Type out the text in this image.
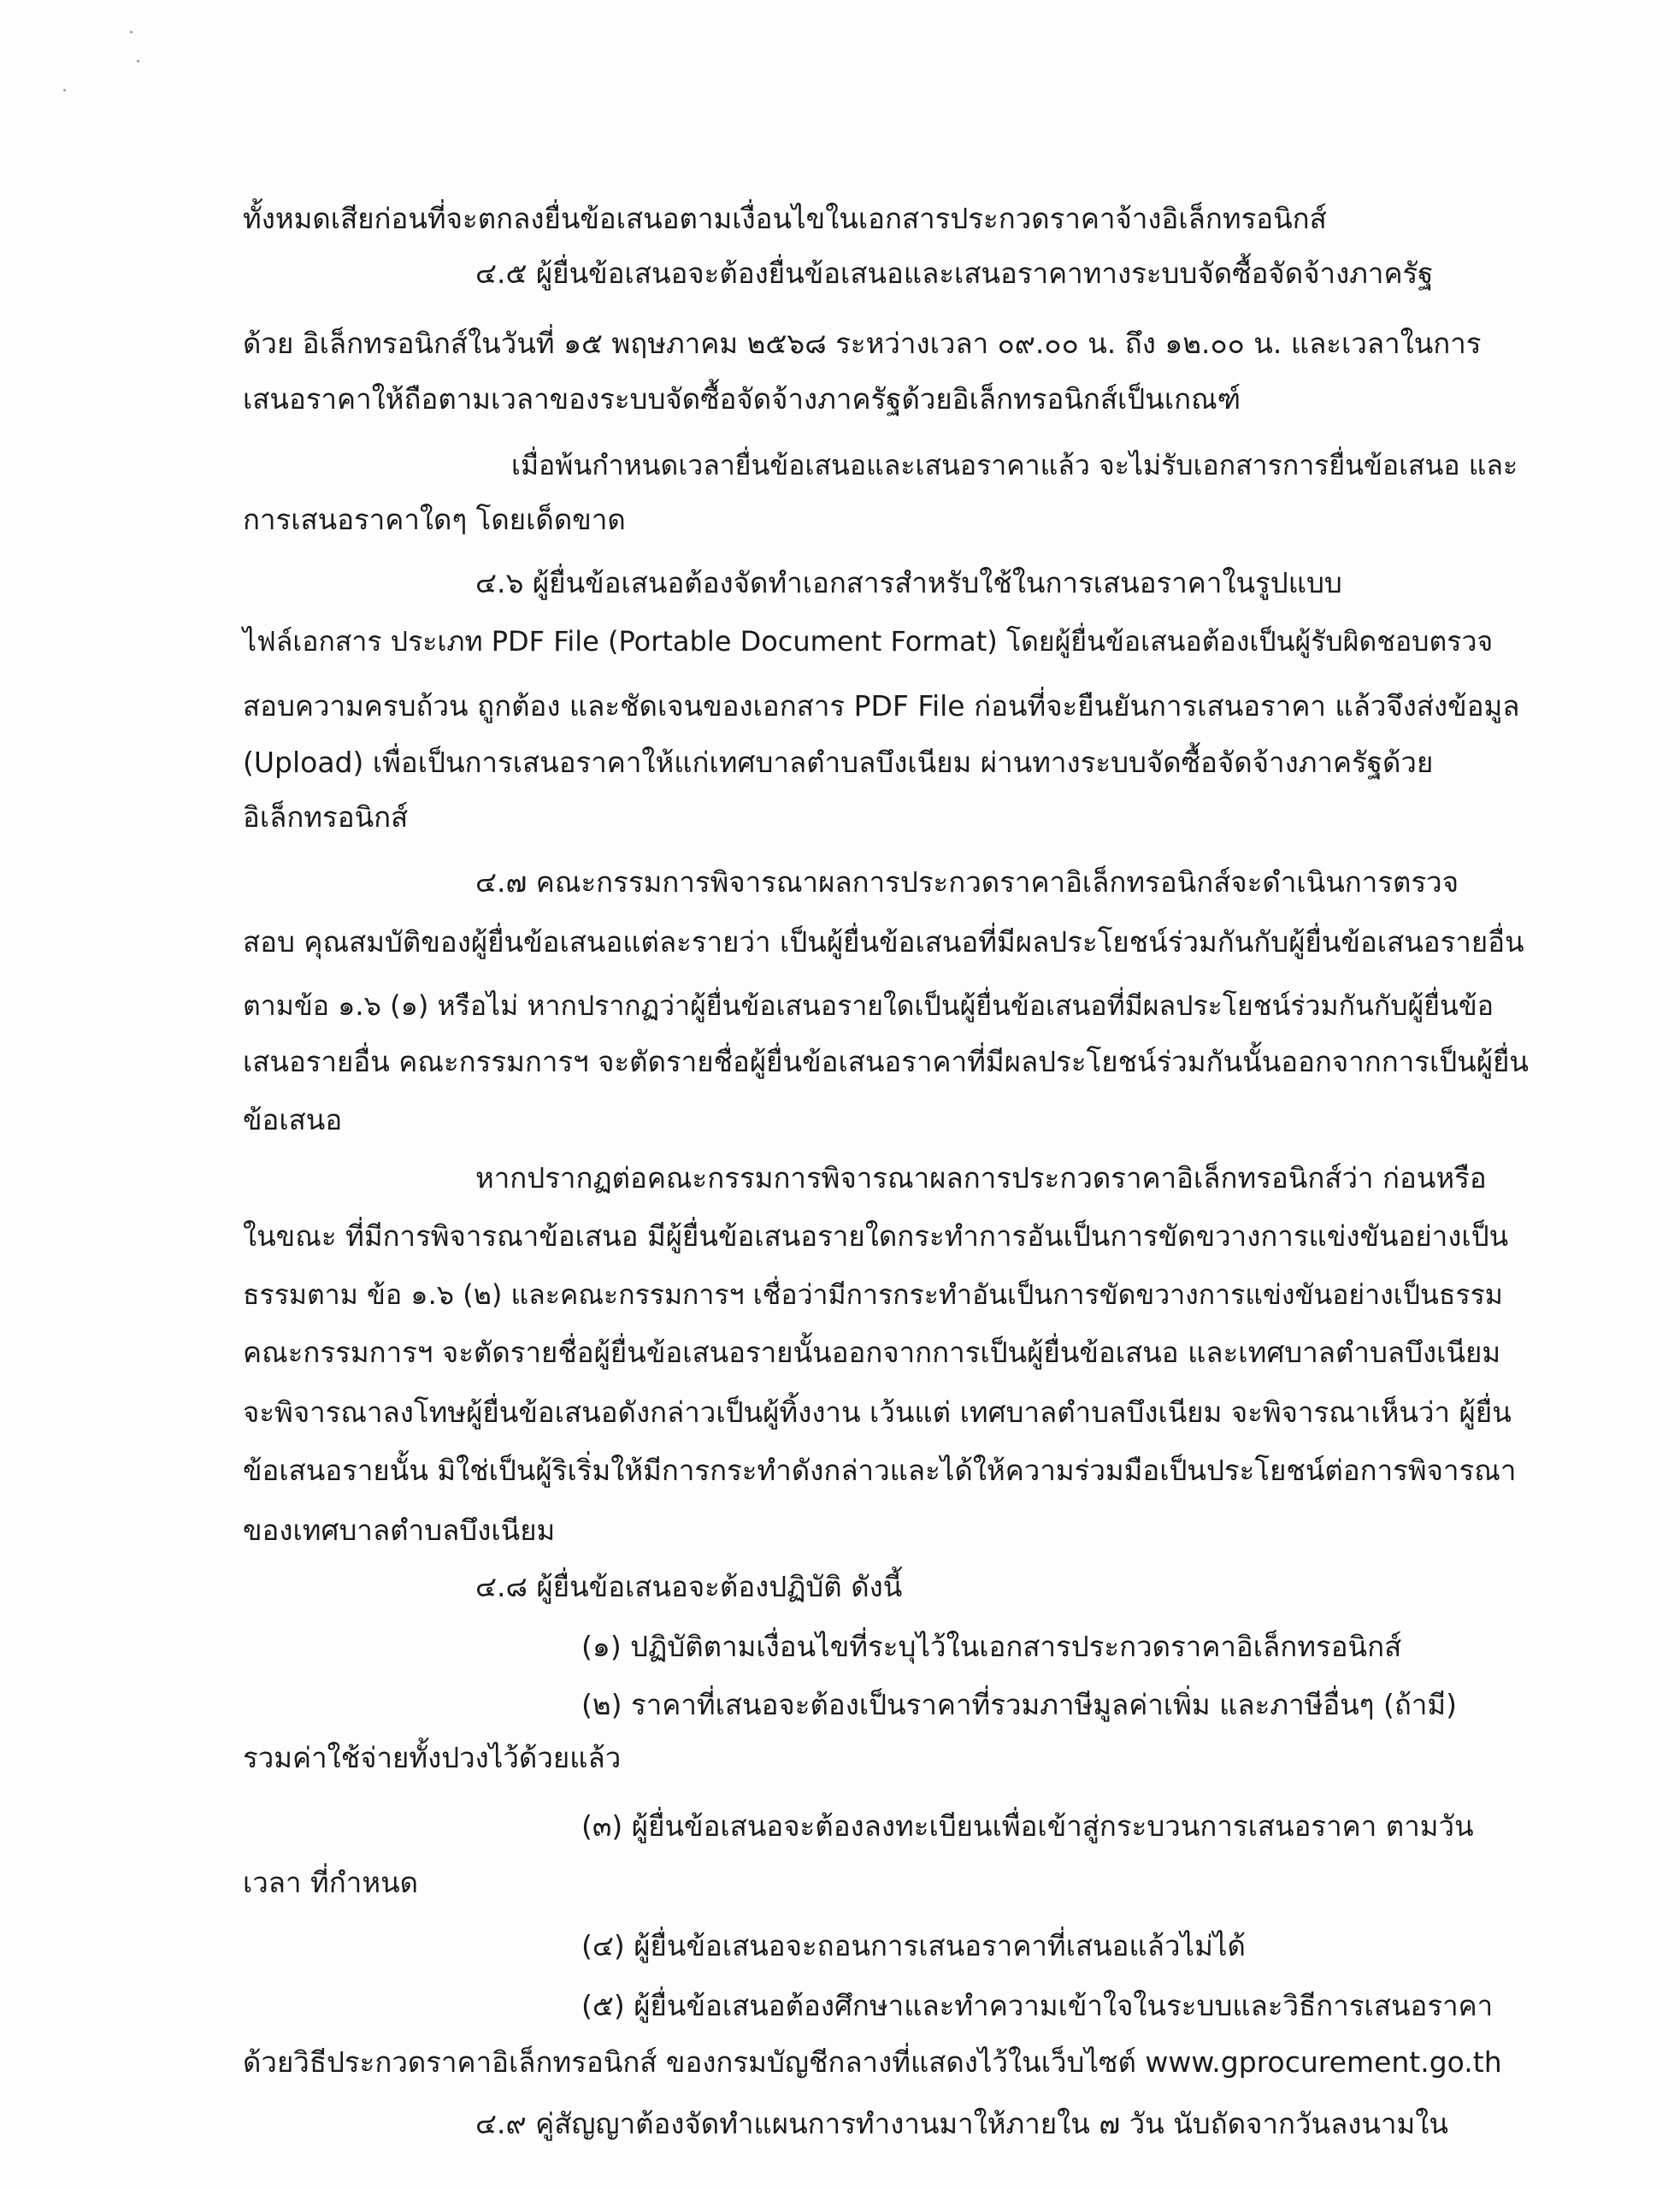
ทั้งหมดเสียก่อนที่จะตกลงยื่นข้อเสนอตามเงื่อนไขในเอกสารประกวดราคาจ้างอิเล็กทรอนิกส์
๔.๕ ผู้ยื่นข้อเสนอจะต้องยื่นข้อเสนอและเสนอราคาทางระบบจัดซื้อจัดจ้างภาครัฐ
ด้วย อิเล็กทรอนิกส์ในวันที่ ๑๕ พฤษภาคม ๒๕๖๘ ระหว่างเวลา ๐๙.๐๐ น. ถึง ๑๒.๐๐ น. และเวลาในการ
เสนอราคาให้ถือตามเวลาของระบบจัดซื้อจัดจ้างภาครัฐด้วยอิเล็กทรอนิกส์เป็นเกณฑ์
เมื่อพ้นกำหนดเวลายื่นข้อเสนอและเสนอราคาแล้ว จะไม่รับเอกสารการยื่นข้อเสนอ และ
การเสนอราคาใดๆ โดยเด็ดขาด
๔.๖ ผู้ยื่นข้อเสนอต้องจัดทำเอกสารสำหรับใช้ในการเสนอราคาในรูปแบบ
ไฟล์เอกสาร ประเภท PDF File (Portable Document Format) โดยผู้ยื่นข้อเสนอต้องเป็นผู้รับผิดชอบตรวจ
สอบความครบถ้วน ถูกต้อง และชัดเจนของเอกสาร PDF File ก่อนที่จะยืนยันการเสนอราคา แล้วจึงส่งข้อมูล
(Upload) เพื่อเป็นการเสนอราคาให้แก่เทศบาลตำบลบึงเนียม ผ่านทางระบบจัดซื้อจัดจ้างภาครัฐด้วย
อิเล็กทรอนิกส์
๔.๗ คณะกรรมการพิจารณาผลการประกวดราคาอิเล็กทรอนิกส์จะดำเนินการตรวจ
สอบ คุณสมบัติของผู้ยื่นข้อเสนอแต่ละรายว่า เป็นผู้ยื่นข้อเสนอที่มีผลประโยชน์ร่วมกันกับผู้ยื่นข้อเสนอรายอื่น
ตามข้อ ๑.๖ (๑) หรือไม่ หากปรากฏว่าผู้ยื่นข้อเสนอรายใดเป็นผู้ยื่นข้อเสนอที่มีผลประโยชน์ร่วมกันกับผู้ยื่นข้อ
เสนอรายอื่น คณะกรรมการฯ จะตัดรายชื่อผู้ยื่นข้อเสนอราคาที่มีผลประโยชน์ร่วมกันนั้นออกจากการเป็นผู้ยื่น
ข้อเสนอ
หากปรากฏต่อคณะกรรมการพิจารณาผลการประกวดราคาอิเล็กทรอนิกส์ว่า ก่อนหรือ
ในขณะ ที่มีการพิจารณาข้อเสนอ มีผู้ยื่นข้อเสนอรายใดกระทำการอันเป็นการขัดขวางการแข่งขันอย่างเป็น
ธรรมตาม ข้อ ๑.๖ (๒) และคณะกรรมการฯ เชื่อว่ามีการกระทำอันเป็นการขัดขวางการแข่งขันอย่างเป็นธรรม
คณะกรรมการฯ จะตัดรายชื่อผู้ยื่นข้อเสนอรายนั้นออกจากการเป็นผู้ยื่นข้อเสนอ และเทศบาลตำบลบึงเนียม
จะพิจารณาลงโทษผู้ยื่นข้อเสนอดังกล่าวเป็นผู้ทิ้งงาน เว้นแต่ เทศบาลตำบลบึงเนียม จะพิจารณาเห็นว่า ผู้ยื่น
ข้อเสนอรายนั้น มิใช่เป็นผู้ริเริ่มให้มีการกระทำดังกล่าวและได้ให้ความร่วมมือเป็นประโยชน์ต่อการพิจารณา
ของเทศบาลตำบลบึงเนียม
๔.๘ ผู้ยื่นข้อเสนอจะต้องปฏิบัติ ดังนี้
(๑) ปฏิบัติตามเงื่อนไขที่ระบุไว้ในเอกสารประกวดราคาอิเล็กทรอนิกส์
(๒) ราคาที่เสนอจะต้องเป็นราคาที่รวมภาษีมูลค่าเพิ่ม และภาษีอื่นๆ (ถ้ามี)
รวมค่าใช้จ่ายทั้งปวงไว้ด้วยแล้ว
(๓) ผู้ยื่นข้อเสนอจะต้องลงทะเบียนเพื่อเข้าสู่กระบวนการเสนอราคา ตามวัน
เวลา ที่กำหนด
(๔) ผู้ยื่นข้อเสนอจะถอนการเสนอราคาที่เสนอแล้วไม่ได้
(๕) ผู้ยื่นข้อเสนอต้องศึกษาและทำความเข้าใจในระบบและวิธีการเสนอราคา
ด้วยวิธีประกวดราคาอิเล็กทรอนิกส์ ของกรมบัญชีกลางที่แสดงไว้ในเว็บไซต์ www.gprocurement.go.th
๔.๙ คู่สัญญาต้องจัดทำแผนการทำงานมาให้ภายใน ๗ วัน นับถัดจากวันลงนามใน
